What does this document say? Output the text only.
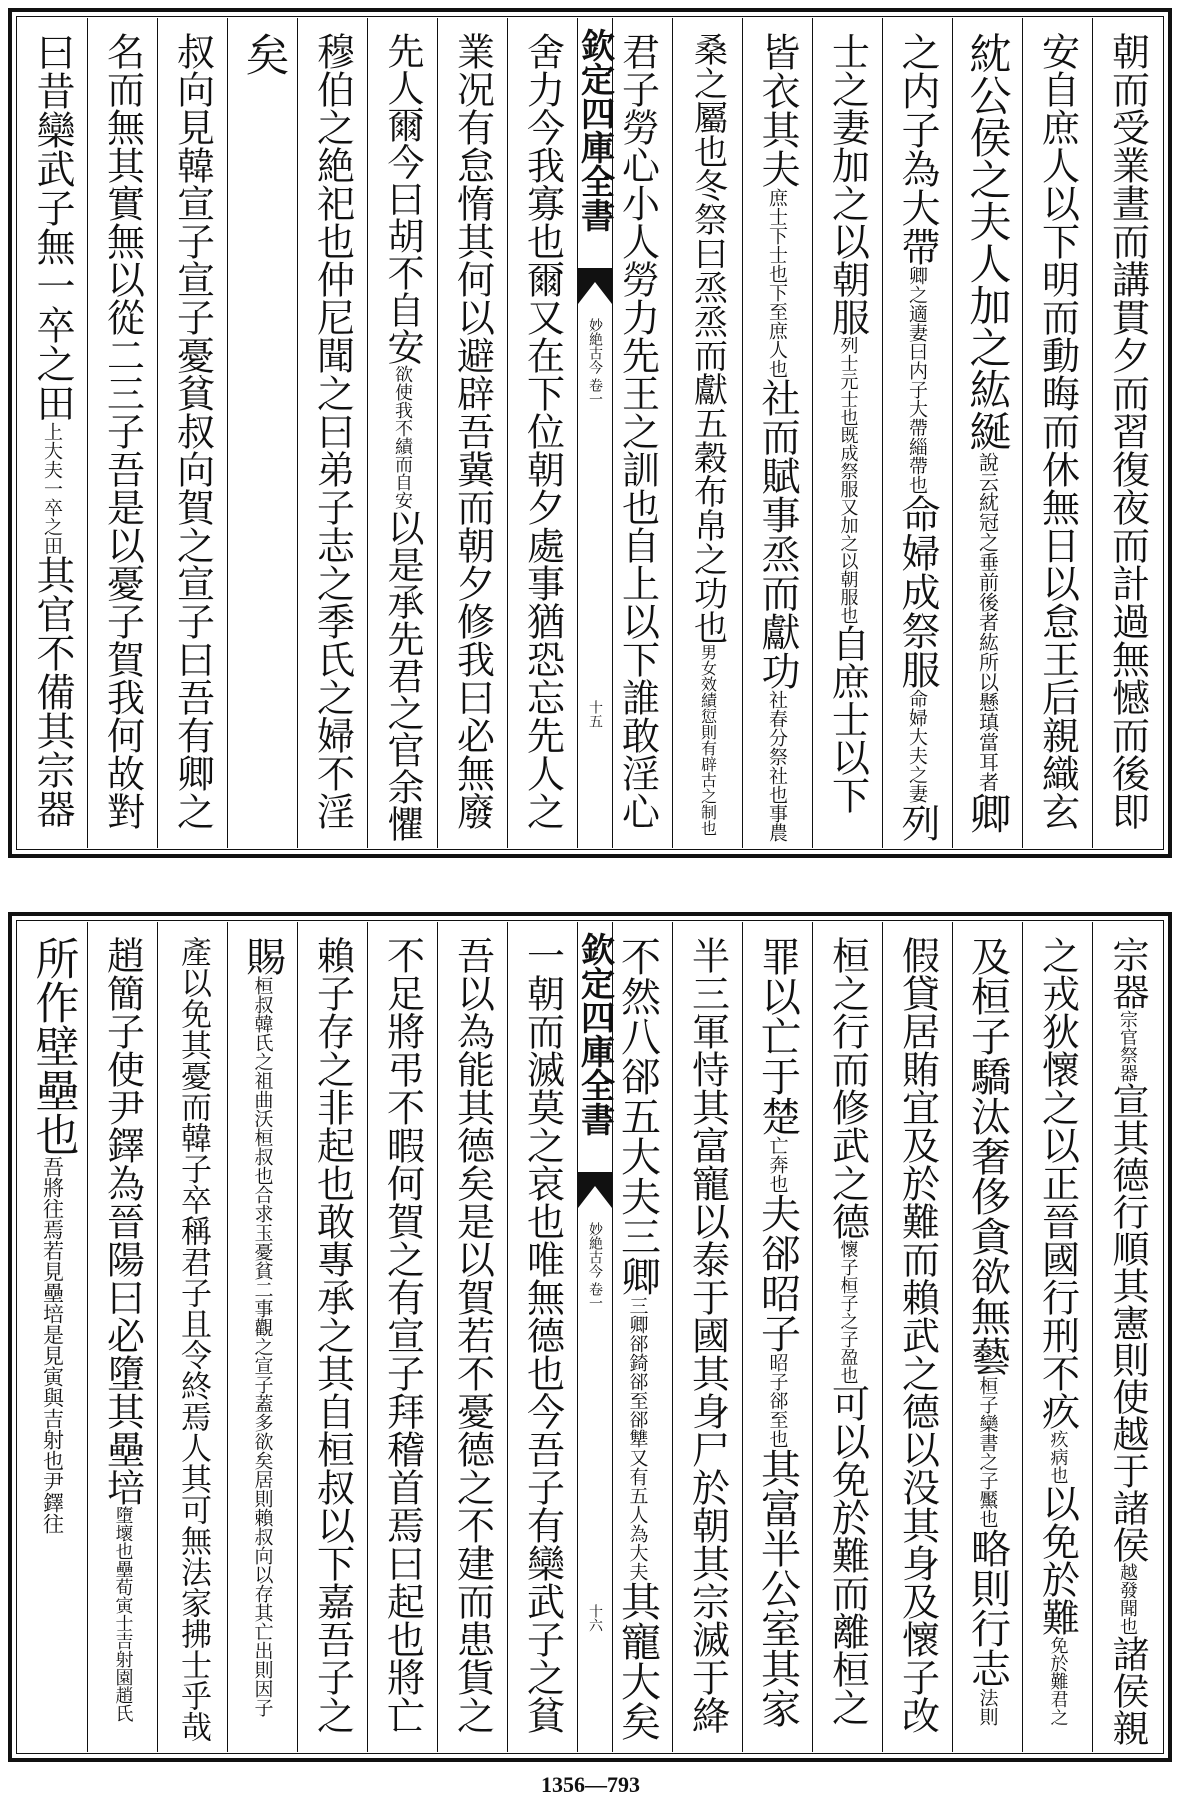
朝而受業晝而講貫夕而習復夜而計過無憾而後即
安自庶人以下明而動晦而休無日以怠王后親織玄
紞公侯之夫人加之紘綖說云紞冠之垂前後者紘所以懸瑱當耳者卿
之内子為大帶卿之適妻曰内子大帶緇帶也命婦成祭服命婦大夫之妻列
士之妻加之以朝服列士元士也既成祭服又加之以朝服也自庶士以下
皆衣其夫庶士下士也下至庶人也社而賦事烝而獻功社春分祭社也事農
桑之屬也冬祭曰烝烝而獻五穀布帛之功也男女效績愆則有辟古之制也
君子勞心小人勞力先王之訓也自上以下誰敢淫心
欽定四庫全書
妙絶古今
卷一
十五
舍力今我寡也爾又在下位朝夕處事猶恐忘先人之
業况有怠惰其何以避辟吾冀而朝夕修我曰必無廢
先人爾今曰胡不自安欲使我不績而自安以是承先君之官余懼
穆伯之絶祀也仲尼聞之曰弟子志之季氏之婦不淫
矣
叔向見韓宣子宣子憂貧叔向賀之宣子曰吾有卿之
名而無其實無以從二三子吾是以憂子賀我何故對
曰昔欒武子無一卒之田上大夫一卒之田其官不備其宗器
宗器宗官祭器宣其德行順其憲則使越于諸侯越發聞也諸侯親
之戎狄懷之以正晉國行刑不疚疚病也以免於難免於難君之
及桓子驕汰奢侈貪欲無藝桓子欒書之子黶也略則行志法則
假貸居賄宜及於難而賴武之德以没其身及懷子改
桓之行而修武之德懷子桓子之子盈也可以免於難而離桓之
罪以亡于楚亡奔也夫郤昭子昭子郤至也其富半公室其家
半三軍恃其富寵以泰于國其身尸於朝其宗滅于絳
不然八郤五大夫三卿三卿郤錡郤至郤犨又有五人為大夫其寵大矣
欽定四庫全書
妙絶古今
卷一
十六
一朝而滅莫之哀也唯無德也今吾子有欒武子之貧
吾以為能其德矣是以賀若不憂德之不建而患貨之
不足將弔不暇何賀之有宣子拜稽首焉曰起也將亡
賴子存之非起也敢專承之其自桓叔以下嘉吾子之
賜桓叔韓氏之祖曲沃桓叔也合求玉憂貧二事觀之宣子蓋多欲矣居則賴叔向以存其亡出則因子
產以免其憂而韓子卒稱君子且令終焉人其可無法家拂士乎哉
趙簡子使尹鐸為晉陽曰必墮其壘培墮壞也壘荀寅士吉射園趙氏
所作壁壘也吾將往焉若見壘培是見寅與吉射也尹鐸往
1356—793
